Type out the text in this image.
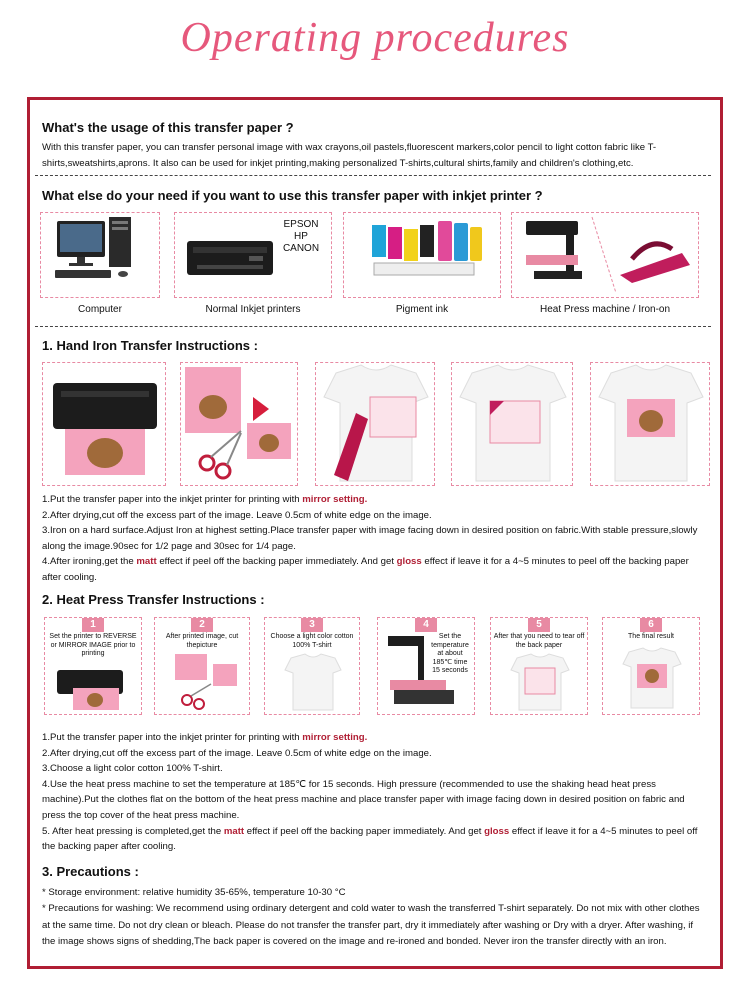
Operating procedures
What's the usage of this transfer paper ?

With this transfer paper, you can transfer personal image with wax crayons,oil pastels,fluorescent markers,color pencil to light cotton fabric like T-shirts,sweatshirts,aprons. It also can be used for inkjet printing,making personalized T-shirts,cultural shirts,family and children's clothing,etc.

What else do your need if you want to use this transfer paper with inkjet printer ?
EPSON
HP
CANON
Computer	Normal Inkjet printers	Pigment ink	Heat Press machine / Iron-on
1. Hand Iron Transfer Instructions :

1.Put the transfer paper into the inkjet printer for printing with mirror setting.

2.After drying,cut off the excess part of the image. Leave 0.5cm of white edge on the image.

3.Iron on a hard surface.Adjust Iron at highest setting.Place transfer paper with image facing down in desired position on fabric.With stable pressure,slowly along the image.90sec for 1/2 page and 30sec for 1/4 page.

4.After ironing,get the matt effect if peel off the backing paper immediately. And get gloss effect if leave it for a 4~5 minutes to peel off the backing paper after cooling.

2. Heat Press Transfer Instructions :
1
Set the printer to REVERSE or MIRROR IMAGE prior to printing
2
After printed image, cut thepicture
3
Choose a light color cotton 100% T-shirt
4
Set the temperature at about 185℃ time 15 seconds
5
After that you need to tear off the back paper
6
The final result

1.Put the transfer paper into the inkjet printer for printing with mirror setting.

2.After drying,cut off the excess part of the image. Leave 0.5cm of white edge on the image.

3.Choose a light color cotton 100% T-shirt.

4.Use the heat press machine to set the temperature at 185℃ for 15 seconds. High pressure (recommended to use the shaking head heat press machine).Put the clothes flat on the bottom of the heat press machine and place transfer paper with image facing down in desired position on fabric and press the top cover of the heat press machine.

5. After heat pressing is completed,get the matt effect if peel off the backing paper immediately. And get gloss effect if leave it for a 4~5 minutes to peel off the backing paper after cooling.

3. Precautions :

* Storage environment: relative humidity 35-65%, temperature 10-30 °C

* Precautions for washing: We recommend using ordinary detergent and cold water to wash the transferred T-shirt separately. Do not mix with other clothes at the same time. Do not dry clean or bleach. Please do not transfer the transfer part, dry it immediately after washing or Dry with a dryer. After washing, if the image shows signs of shedding,The back paper is covered on the image and re-ironed and bonded. Never iron the transfer directly with an iron.
